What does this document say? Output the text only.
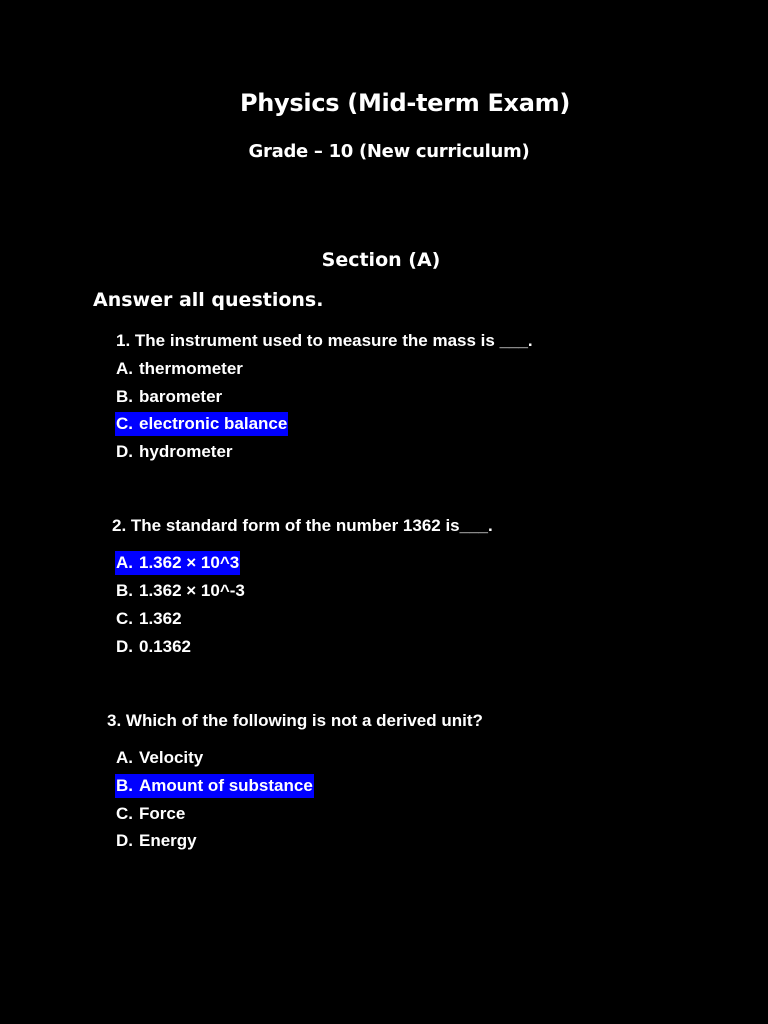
Physics (Mid-term Exam)
Grade – 10 (New curriculum)
Section (A)
Answer all questions.
1. The instrument used to measure the mass is ___.
A. thermometer
B. barometer
C. electronic balance
D. hydrometer
2. The standard form of the number 1362 is___.
A. 1.362 × 10^3
B. 1.362 × 10^-3
C. 1.362
D. 0.1362
3. Which of the following is not a derived unit?
A. Velocity
B. Amount of substance
C. Force
D. Energy
